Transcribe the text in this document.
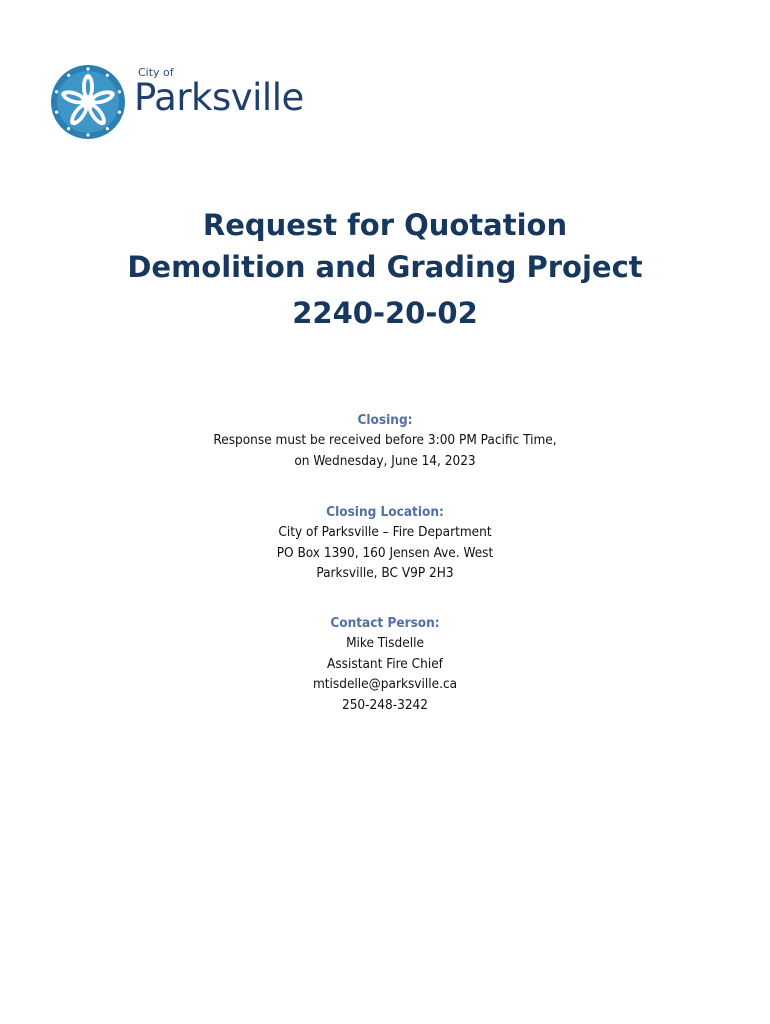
City of
Parksville
Request for Quotation
Demolition and Grading Project
2240-20-02
Closing:
Response must be received before 3:00 PM Pacific Time,
on Wednesday, June 14, 2023
Closing Location:
City of Parksville – Fire Department
PO Box 1390, 160 Jensen Ave. West
Parksville, BC V9P 2H3
Contact Person:
Mike Tisdelle
Assistant Fire Chief
mtisdelle@parksville.ca
250-248-3242
